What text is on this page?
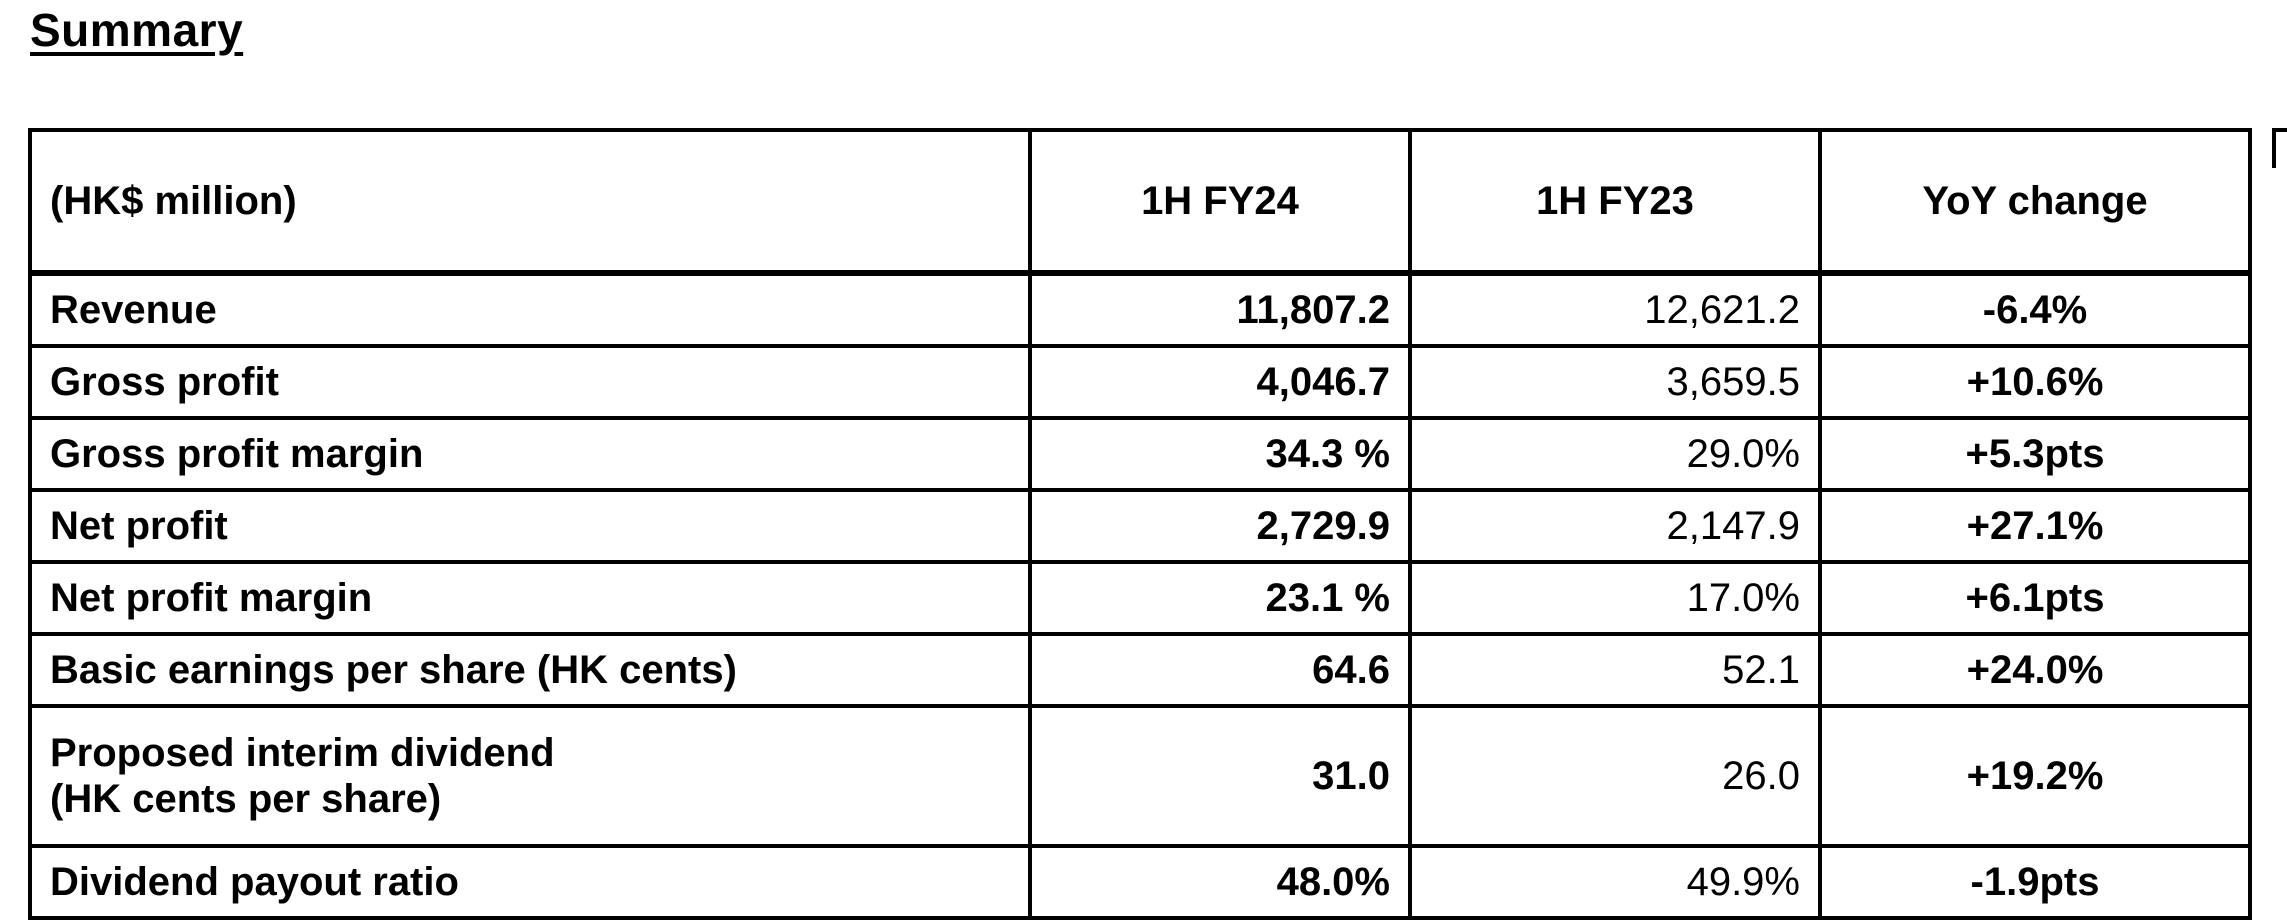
Summary
(HK$ million)	1H FY24	1H FY23	YoY change
Revenue	11,807.2	12,621.2	-6.4%
Gross profit	4,046.7	3,659.5	+10.6%
Gross profit margin	34.3 %	29.0%	+5.3pts
Net profit	2,729.9	2,147.9	+27.1%
Net profit margin	23.1 %	17.0%	+6.1pts
Basic earnings per share (HK cents)	64.6	52.1	+24.0%

Proposed interim dividend
(HK cents per share)	31.0	26.0	+19.2%
Dividend payout ratio	48.0%	49.9%	-1.9pts
